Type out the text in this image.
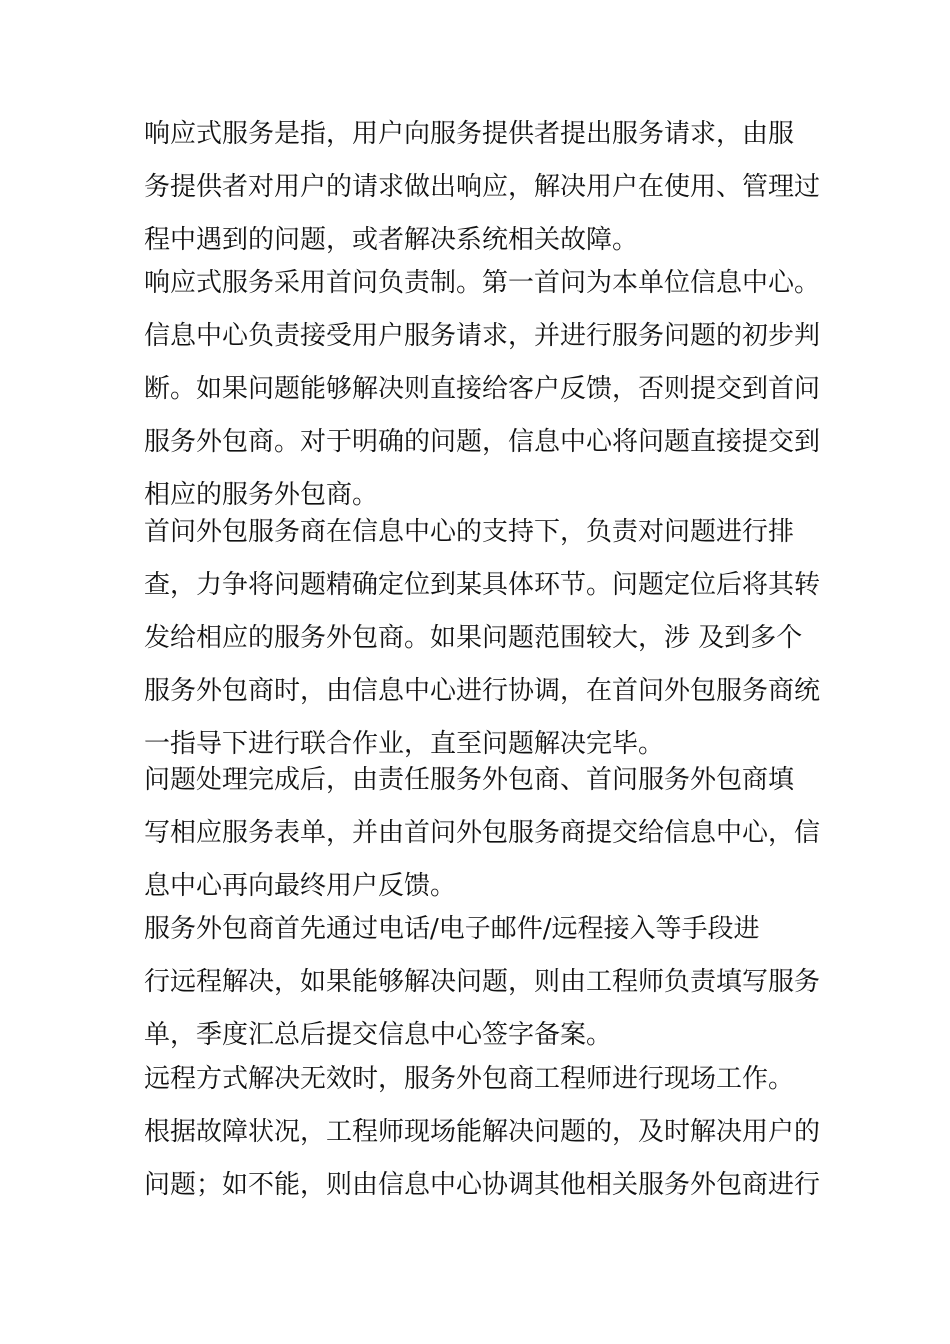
响应式服务是指，用户向服务提供者提出服务请求，由服
务提供者对用户的请求做出响应，解决用户在使用、管理过
程中遇到的问题，或者解决系统相关故障。
响应式服务采用首问负责制。第一首问为本单位信息中心。
信息中心负责接受用户服务请求，并进行服务问题的初步判
断。如果问题能够解决则直接给客户反馈，否则提交到首问
服务外包商。对于明确的问题，信息中心将问题直接提交到
相应的服务外包商。
首问外包服务商在信息中心的支持下，负责对问题进行排
查，力争将问题精确定位到某具体环节。问题定位后将其转
发给相应的服务外包商。如果问题范围较大，涉 及到多个
服务外包商时，由信息中心进行协调，在首问外包服务商统
一指导下进行联合作业，直至问题解决完毕。
问题处理完成后，由责任服务外包商、首问服务外包商填
写相应服务表单，并由首问外包服务商提交给信息中心，信
息中心再向最终用户反馈。
服务外包商首先通过电话/电子邮件/远程接入等手段进
行远程解决，如果能够解决问题，则由工程师负责填写服务
单，季度汇总后提交信息中心签字备案。
远程方式解决无效时，服务外包商工程师进行现场工作。
根据故障状况，工程师现场能解决问题的，及时解决用户的
问题；如不能，则由信息中心协调其他相关服务外包商进行
